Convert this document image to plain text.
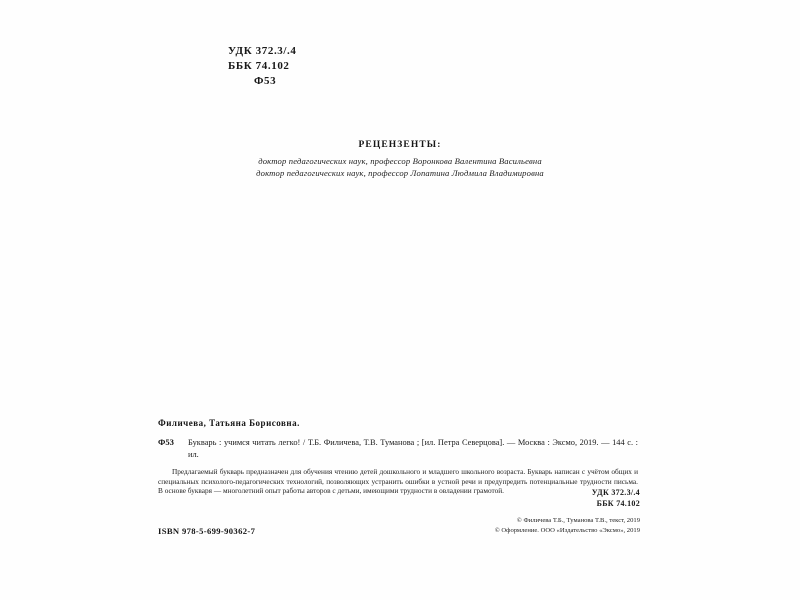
УДК 372.3/.4
ББК 74.102
Ф53
РЕЦЕНЗЕНТЫ:
доктор педагогических наук, профессор Воронкова Валентина Васильевна
доктор педагогических наук, профессор Лопатина Людмила Владимировна
Филичева, Татьяна Борисовна.
Ф53	Букварь : учимся читать легко! / Т.Б. Филичева, Т.В. Туманова ; [ил. Петра Северцова]. — Москва : Эксмо, 2019. — 144 с. : ил.
Предлагаемый букварь предназначен для обучения чтению детей дошкольного и младшего школьного возраста. Букварь написан с учётом общих и специальных психолого-педагогических технологий, позволяющих устранить ошибки в устной речи и предупредить потенциальные трудности письма. В основе букваря — многолетний опыт работы авторов с детьми, имеющими трудности в овладении грамотой.	УДК 372.3/.4
ББК 74.102
© Филичева Т.Б., Туманова Т.В., текст, 2019
© Оформление. ООО «Издательство «Эксмо», 2019
ISBN 978-5-699-90362-7
